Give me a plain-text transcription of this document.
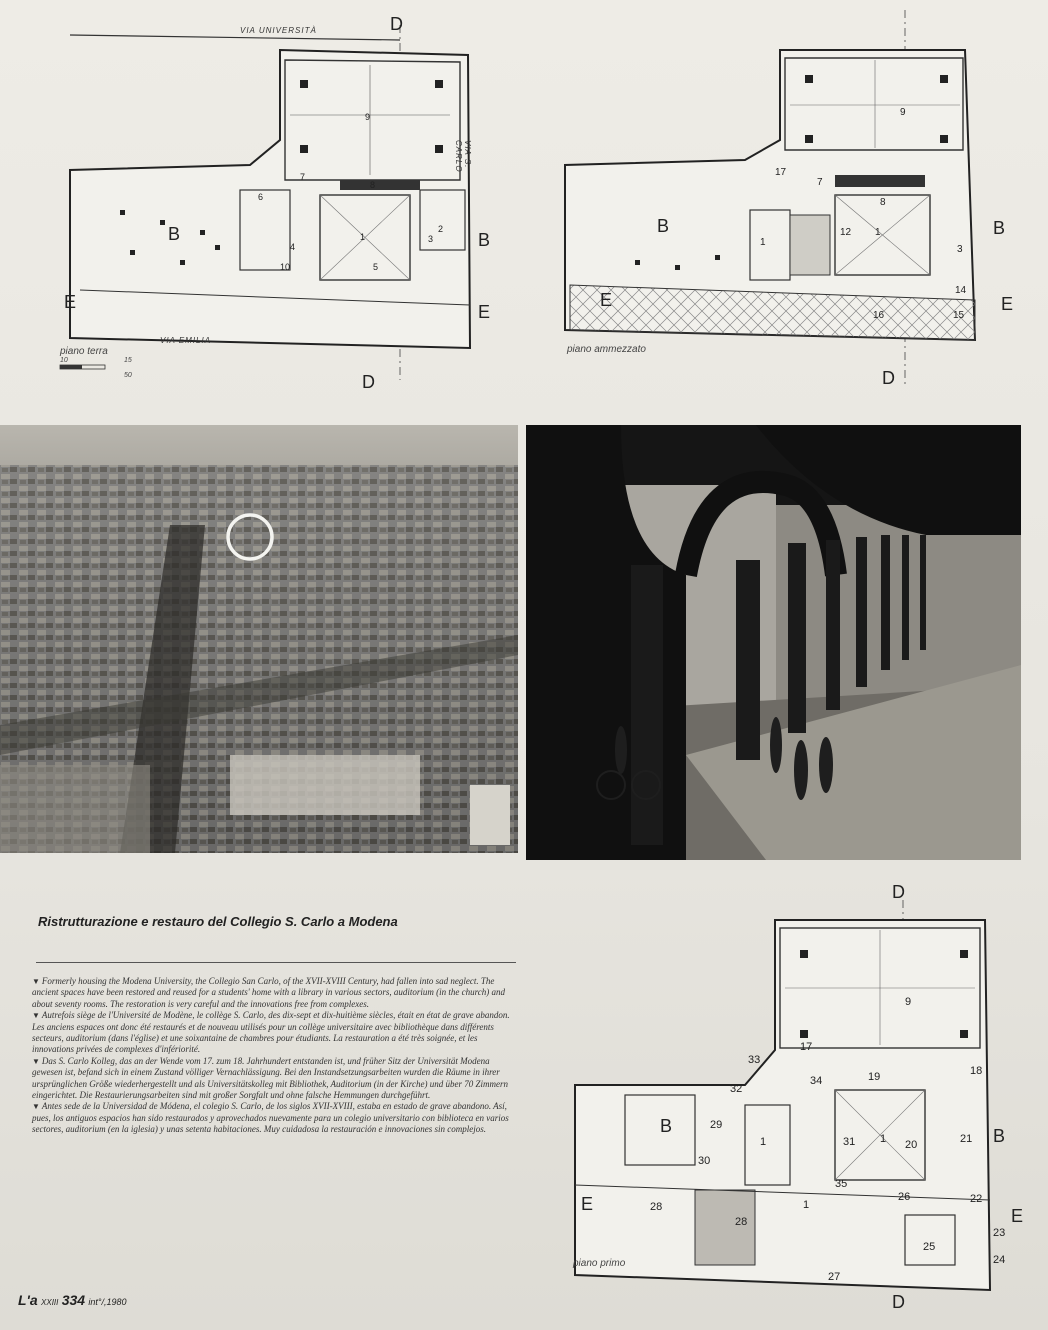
9
8
7
6
1
4
10
3
2
5
VIA UNIVERSITÀ
VIA S. CARLO
VIA EMILIA
D
D
B	B
E	E
piano terra
10	15
50
9
17
7
8
1
12 1
3
14
16	15
D
B	B
E	E
piano ammezzato
Ristrutturazione e restauro del Collegio S. Carlo a Modena

▼ Formerly housing the Modena University, the Collegio San Carlo, of the XVII-XVIII Century, had fallen into sad neglect. The ancient spaces have been restored and reused for a students' home with a library in various sectors, auditorium (in the church) and about seventy rooms. The restoration is very careful and the innovations free from complexes.

▼ Autrefois siège de l'Université de Modène, le collège S. Carlo, des dix-sept et dix-huitième siècles, était en état de grave abandon. Les anciens espaces ont donc été restaurés et de nouveau utilisés pour un collège universitaire avec bibliothèque dans différents secteurs, auditorium (dans l'église) et une soixantaine de chambres pour étudiants. La restauration a été très soignée, et les innovations privées de complexes d'infériorité.

▼ Das S. Carlo Kolleg, das an der Wende vom 17. zum 18. Jahrhundert entstanden ist, und früher Sitz der Universität Modena gewesen ist, befand sich in einem Zustand völliger Vernachlässigung. Bei den Instandsetzungsarbeiten wurden die Räume in ihrer ursprünglichen Größe wiederhergestellt und als Universitätskolleg mit Bibliothek, Auditorium (in der Kirche) und über 70 Zimmern eingerichtet. Die Restaurierungsarbeiten sind mit großer Sorgfalt und ohne falsche Hemmungen durchgeführt.

▼ Antes sede de la Universidad de Módena, el colegio S. Carlo, de los siglos XVII-XVIII, estaba en estado de grave abandono. Así, pues, los antiguos espacios han sido restaurados y aprovechados nuevamente para un colegio universitario con biblioteca en varios sectores, auditorium (en la iglesia) y unas setenta habitaciones. Muy cuidadosa la restauración e innovaciones sin complejos.

9
33
17
34	19	18
32
29
1	31 1 20	21
30
35
26	22
28
28
1
25
23
24
27
D
D
B	B
E
E
piano primo
L'a XXIII 334 int°/,1980
